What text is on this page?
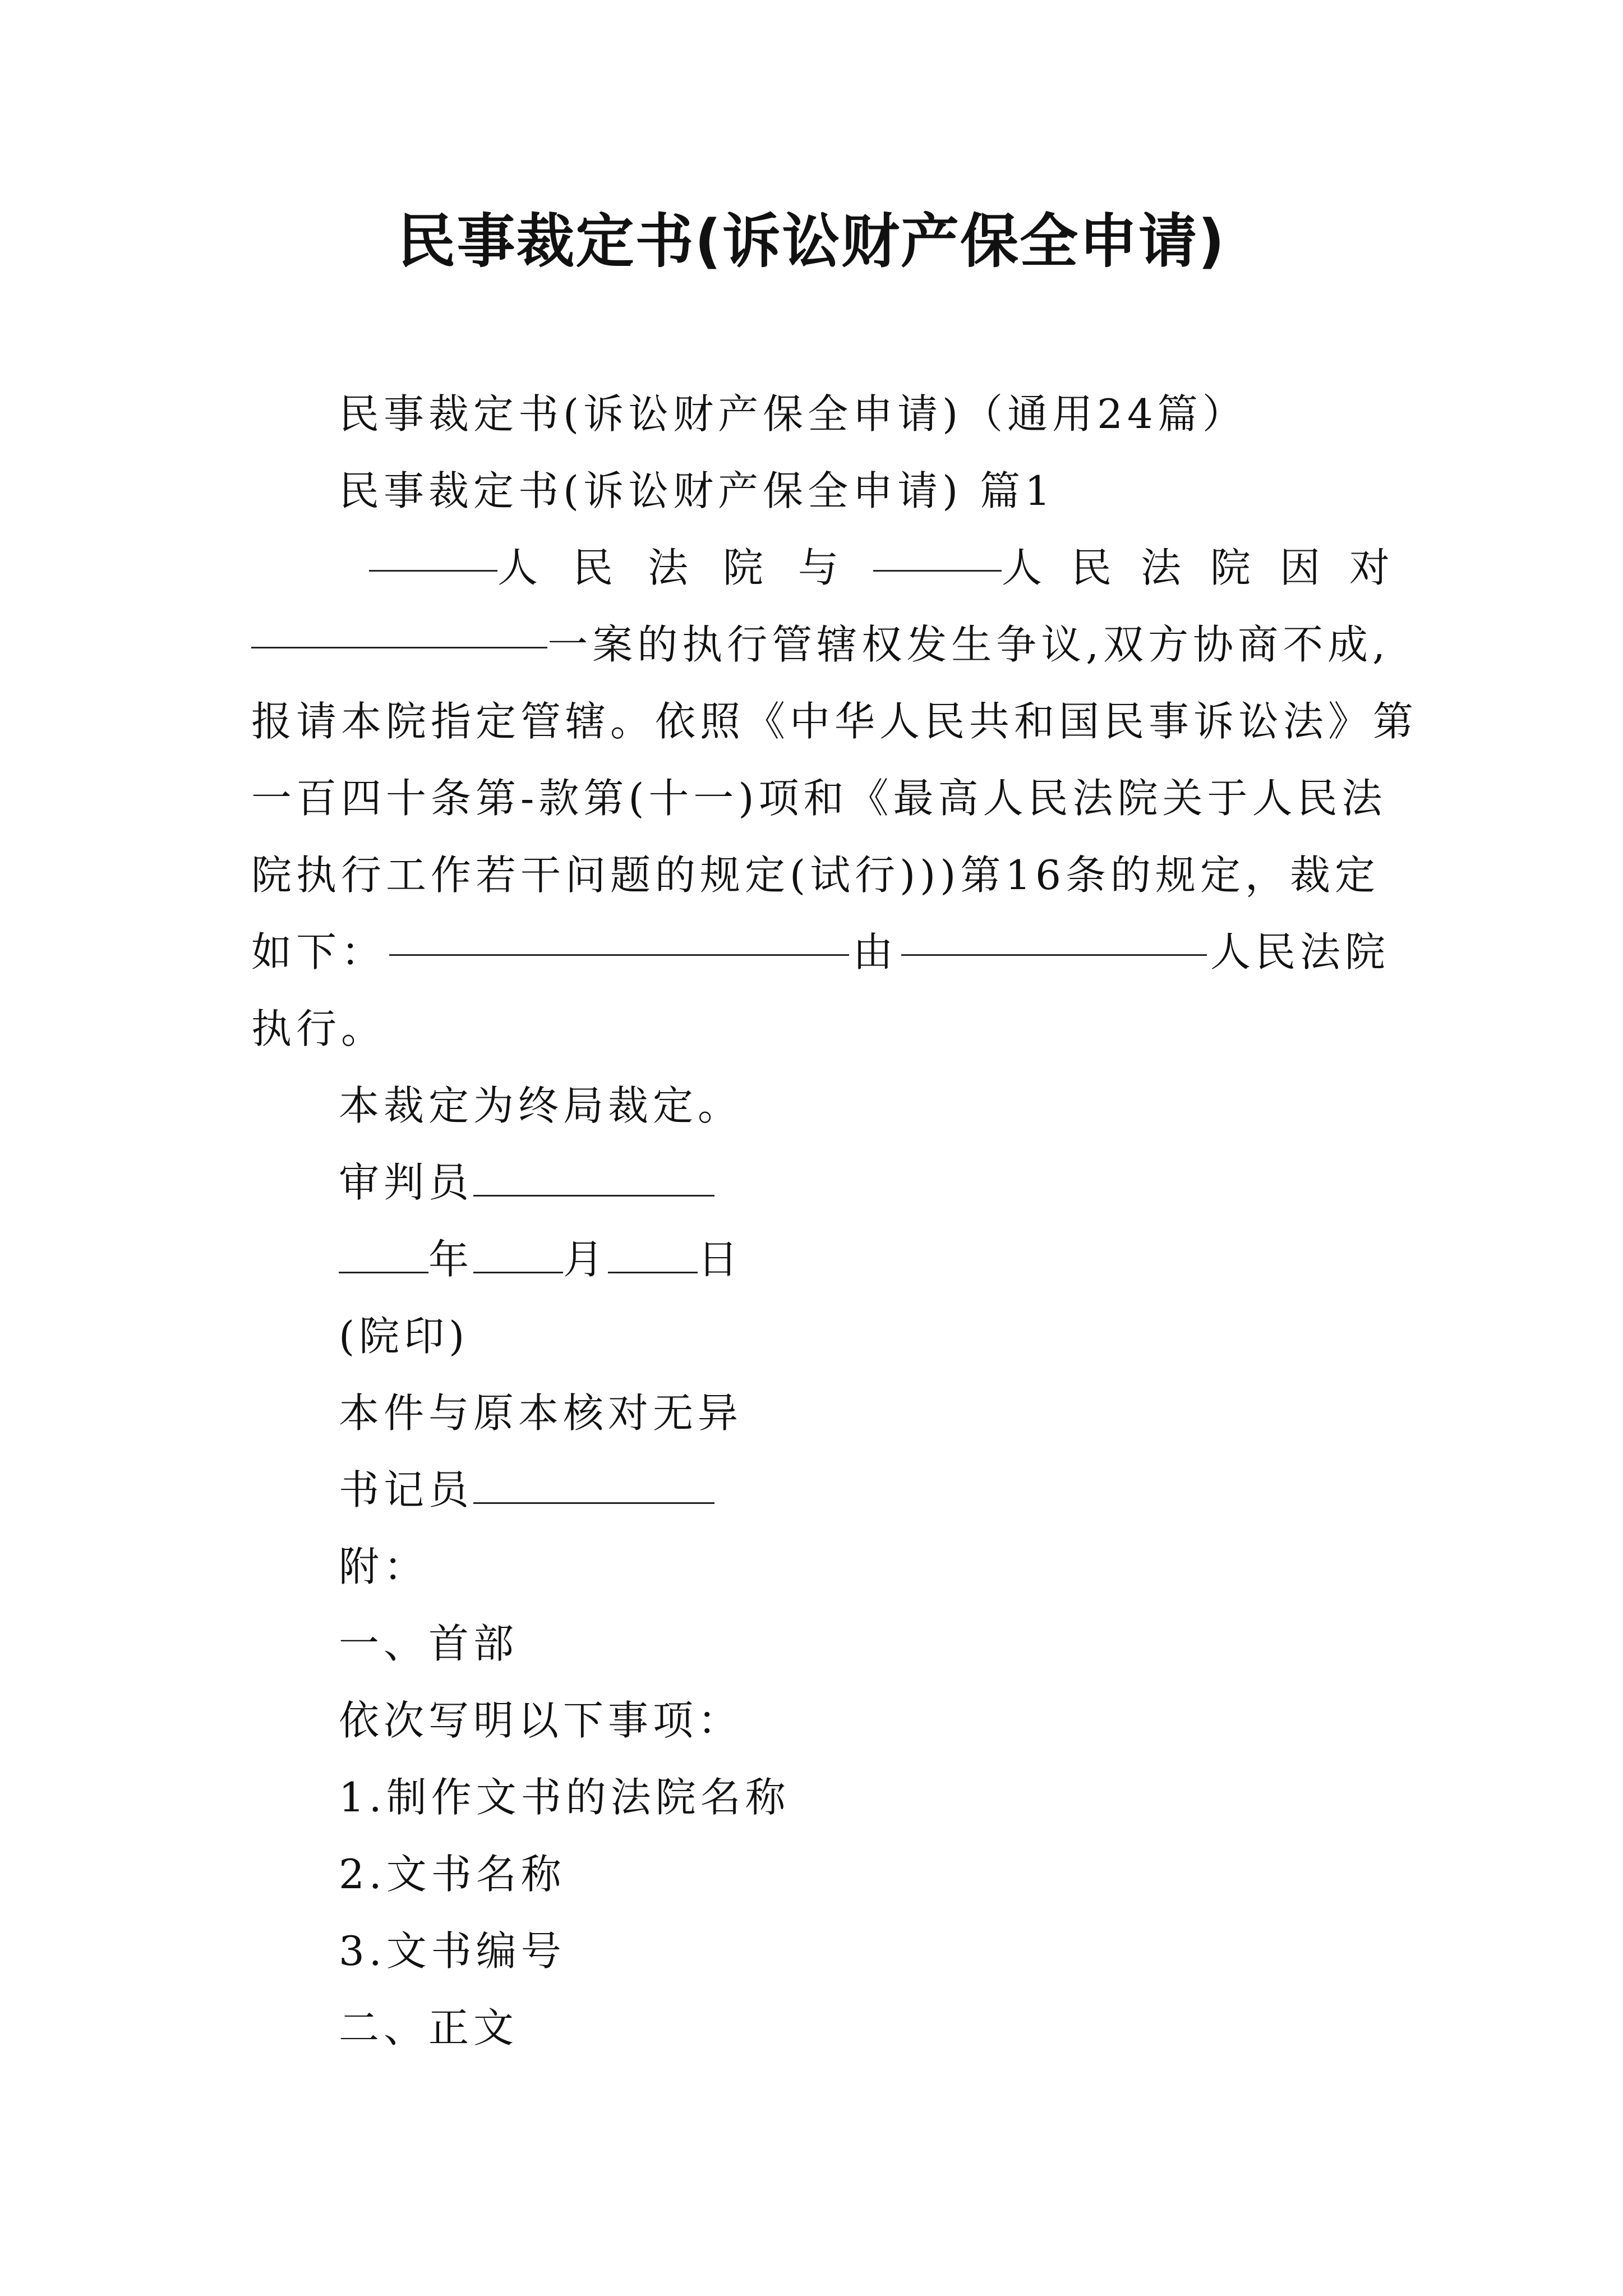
民事裁定书(诉讼财产保全申请)
民事裁定书(诉讼财产保全申请)（通用24篇）
民事裁定书(诉讼财产保全申请) 篇1
人民法院与	人民法院因对
一案的执行管辖权发生争议,双方协商不成,
报请本院指定管辖。依照《中华人民共和国民事诉讼法》第
一百四十条第-款第(十一)项和《最高人民法院关于人民法
院执行工作若干问题的规定(试行)))第16条的规定，裁定
如下：	由	人民法院
执行。
本裁定为终局裁定。
审判员
年 月 日
(院印)
本件与原本核对无异
书记员
附：
一、首部
依次写明以下事项：
1.制作文书的法院名称
2.文书名称
3.文书编号
二、正文
